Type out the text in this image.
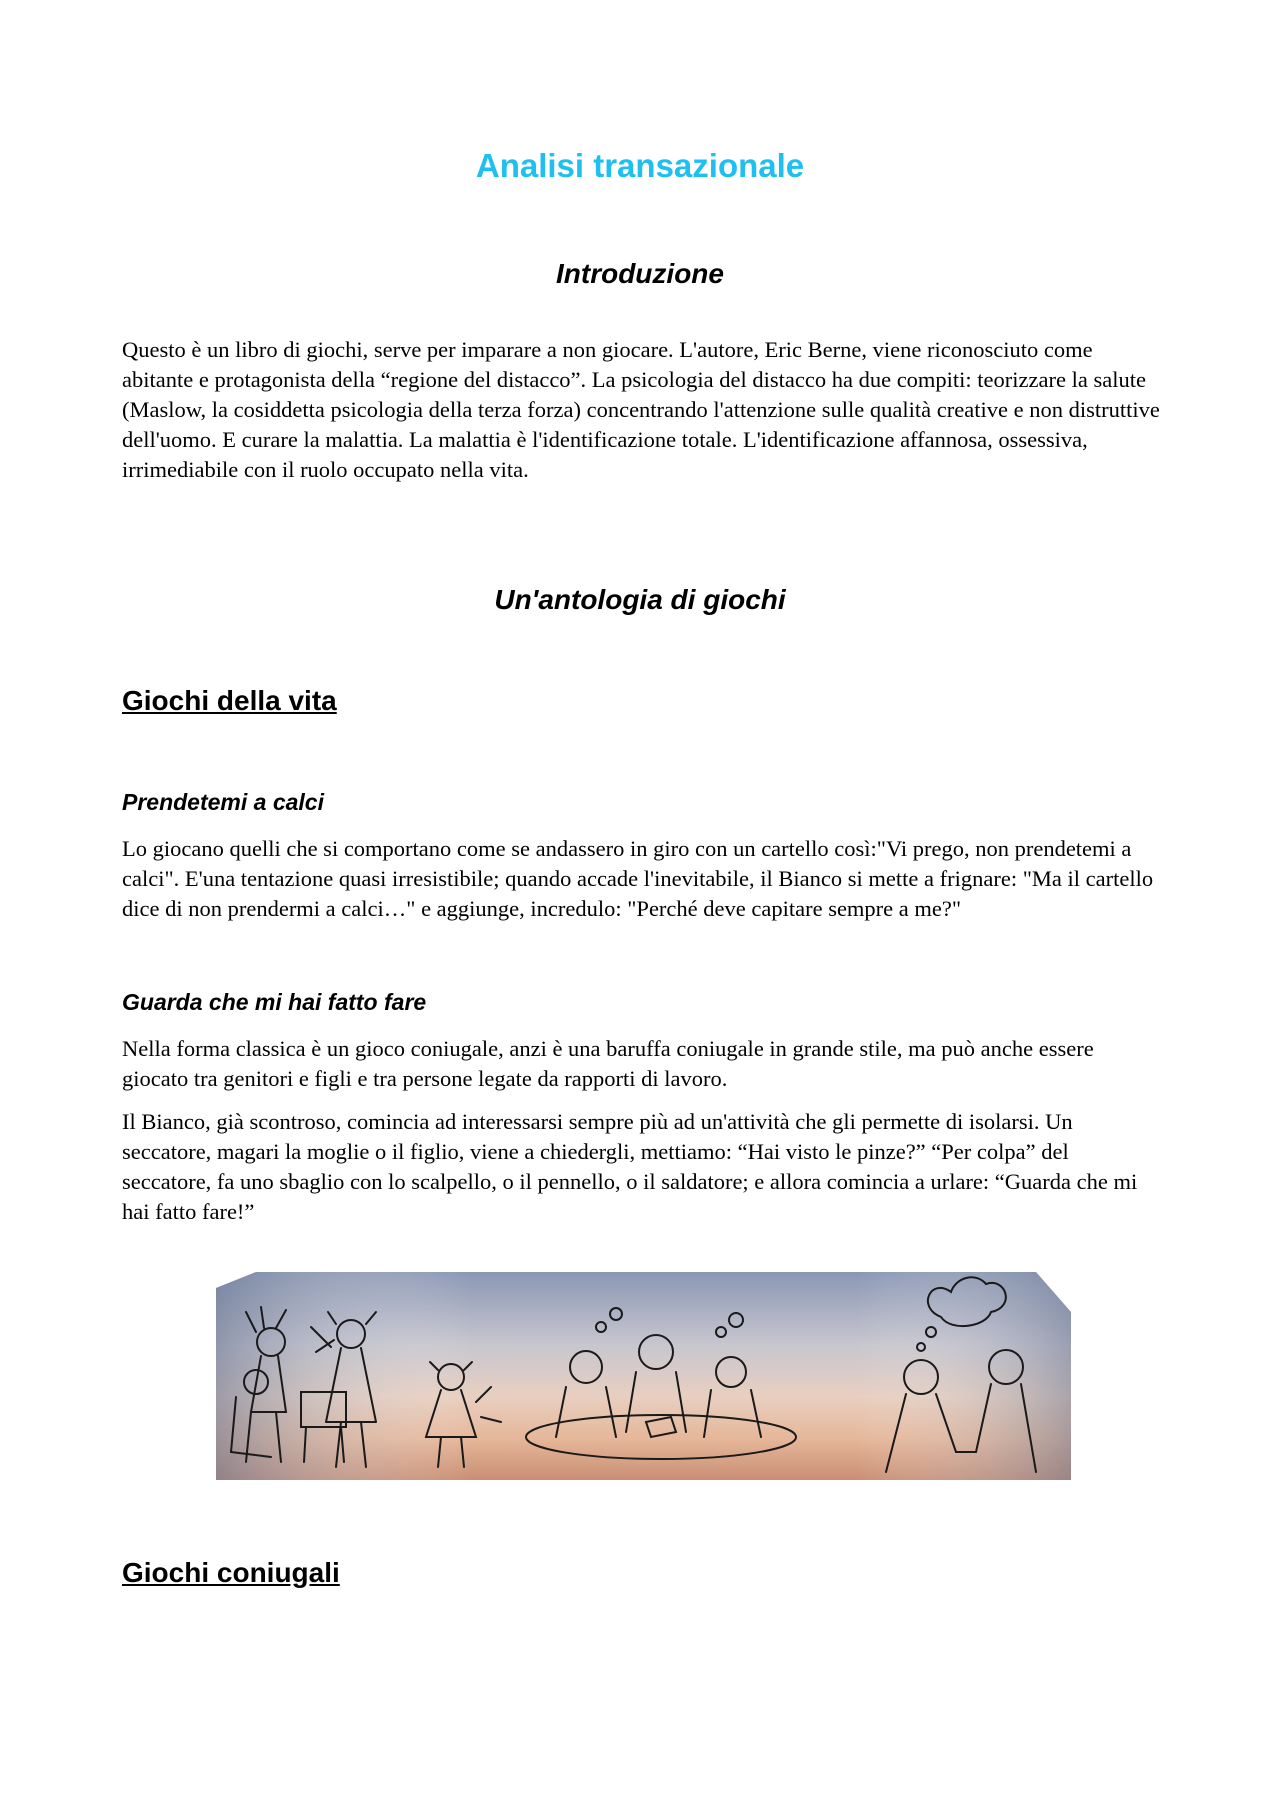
Analisi transazionale
Introduzione

Questo è un libro di giochi, serve per imparare a non giocare. L'autore, Eric Berne, viene riconosciuto come abitante e protagonista della “regione del distacco”. La psicologia del distacco ha due compiti: teorizzare la salute (Maslow, la cosiddetta psicologia della terza forza) concentrando l'attenzione sulle qualità creative e non distruttive dell'uomo. E curare la malattia. La malattia è l'identificazione totale. L'identificazione affannosa, ossessiva, irrimediabile con il ruolo occupato nella vita.

Un'antologia di giochi
Giochi della vita
Prendetemi a calci

Lo giocano quelli che si comportano come se andassero in giro con un cartello così:"Vi prego, non prendetemi a calci". E'una tentazione quasi irresistibile; quando accade l'inevitabile, il Bianco si mette a frignare: "Ma il cartello dice di non prendermi a calci…" e aggiunge, incredulo: "Perché deve capitare sempre a me?"

Guarda che mi hai fatto fare

Nella forma classica è un gioco coniugale, anzi è una baruffa coniugale in grande stile, ma può anche essere giocato tra genitori e figli e tra persone legate da rapporti di lavoro.

Il Bianco, già scontroso, comincia ad interessarsi sempre più ad un'attività che gli permette di isolarsi. Un seccatore, magari la moglie o il figlio, viene a chiedergli, mettiamo: “Hai visto le pinze?” “Per colpa” del seccatore, fa uno sbaglio con lo scalpello, o il pennello, o il saldatore; e allora comincia a urlare: “Guarda che mi hai fatto fare!”

Giochi coniugali
